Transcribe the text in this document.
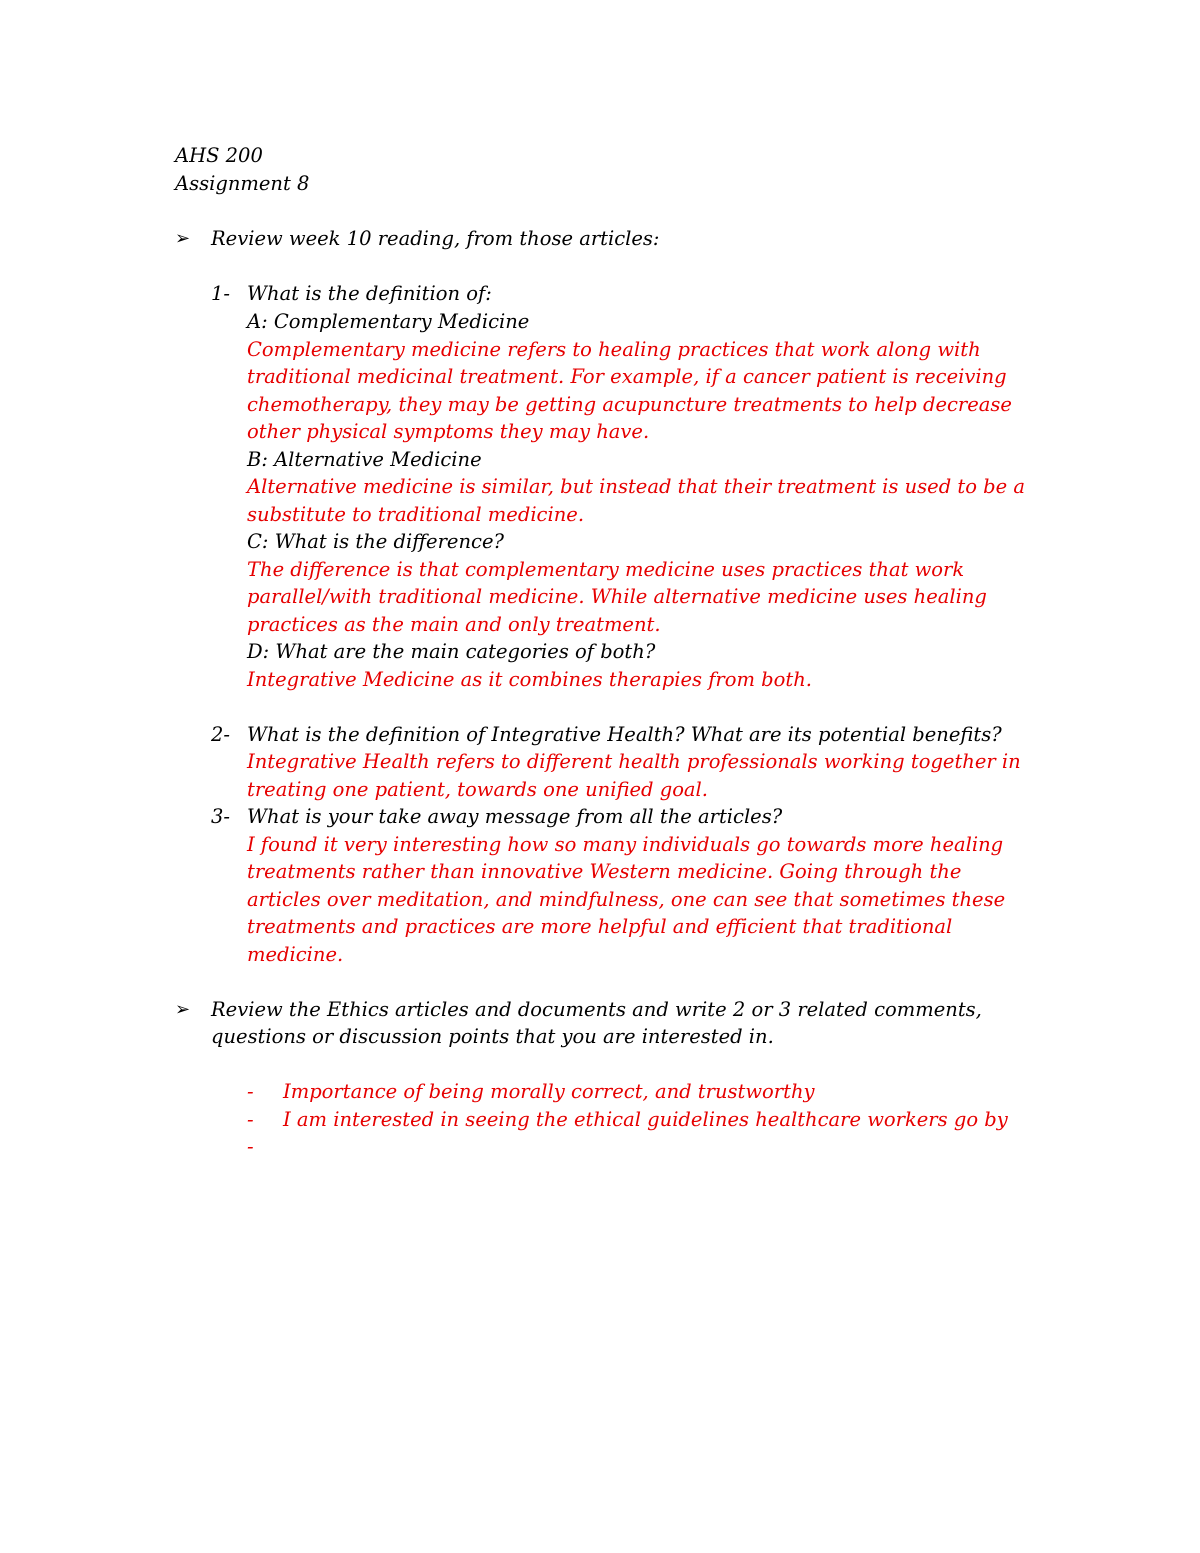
AHS 200
Assignment 8
➢ Review week 10 reading, from those articles:
1- What is the definition of:
A: Complementary Medicine
Complementary medicine refers to healing practices that work along with
traditional medicinal treatment. For example, if a cancer patient is receiving
chemotherapy, they may be getting acupuncture treatments to help decrease
other physical symptoms they may have.
B: Alternative Medicine
Alternative medicine is similar, but instead that their treatment is used to be a
substitute to traditional medicine.
C: What is the difference?
The difference is that complementary medicine uses practices that work
parallel/with traditional medicine. While alternative medicine uses healing
practices as the main and only treatment.
D: What are the main categories of both?
Integrative Medicine as it combines therapies from both.
2- What is the definition of Integrative Health? What are its potential benefits?
Integrative Health refers to different health professionals working together in
treating one patient, towards one unified goal.
3- What is your take away message from all the articles?
I found it very interesting how so many individuals go towards more healing
treatments rather than innovative Western medicine. Going through the
articles over meditation, and mindfulness, one can see that sometimes these
treatments and practices are more helpful and efficient that traditional
medicine.
➢ Review the Ethics articles and documents and write 2 or 3 related comments,
questions or discussion points that you are interested in.
- Importance of being morally correct, and trustworthy
- I am interested in seeing the ethical guidelines healthcare workers go by
-
